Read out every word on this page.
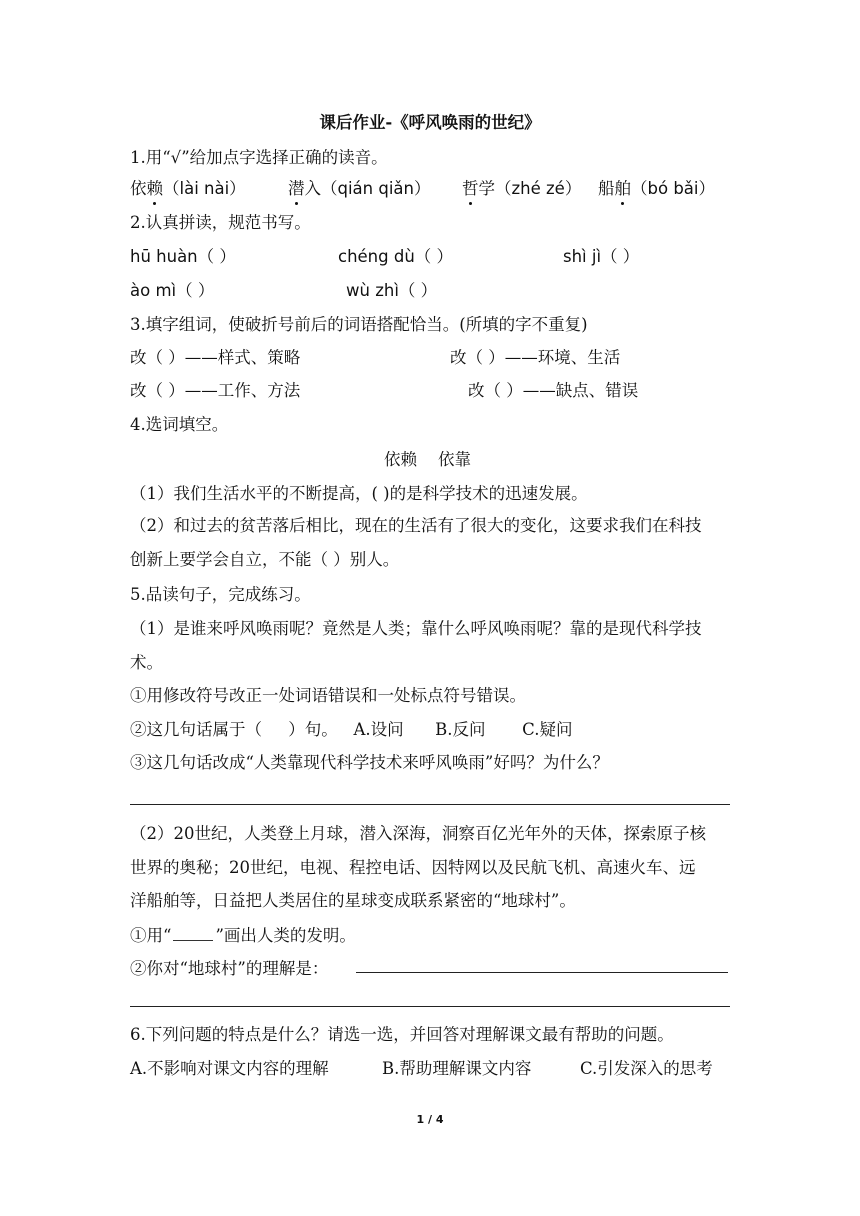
课后作业-《呼风唤雨的世纪》
1.用“√”给加点字选择正确的读音。
依赖（lài nài）	潜入（qián qiǎn） 哲学（zhé zé） 船舶（bó bǎi）
2.认真拼读，规范书写。
hū huàn（ ）	chéng dù（ ）	shì jì（ ）
ào mì（ ）	wù zhì（ ）
3.填字组词，使破折号前后的词语搭配恰当。(所填的字不重复)
改（ ）——样式、策略	改（ ）——环境、生活
改（ ）——工作、方法	改（ ）——缺点、错误
4.选词填空。
依赖    依靠
（1）我们生活水平的不断提高，( )的是科学技术的迅速发展。
（2）和过去的贫苦落后相比，现在的生活有了很大的变化，这要求我们在科技
创新上要学会自立，不能（ ）别人。
5.品读句子，完成练习。
（1）是谁来呼风唤雨呢？竟然是人类；靠什么呼风唤雨呢？靠的是现代科学技
术。
①用修改符号改正一处词语错误和一处标点符号错误。
②这几句话属于（     ）句。   A.设问      B.反问       C.疑问
③这几句话改成“人类靠现代科学技术来呼风唤雨”好吗？为什么？
（2）20世纪，人类登上月球，潜入深海，洞察百亿光年外的天体，探索原子核
世界的奥秘；20世纪，电视、程控电话、因特网以及民航飞机、高速火车、远
洋船舶等，日益把人类居住的星球变成联系紧密的“地球村”。
①用“	”画出人类的发明。
②你对“地球村”的理解是：
6.下列问题的特点是什么？请选一选，并回答对理解课文最有帮助的问题。
A.不影响对课文内容的理解	B.帮助理解课文内容	C.引发深入的思考
1 / 4
